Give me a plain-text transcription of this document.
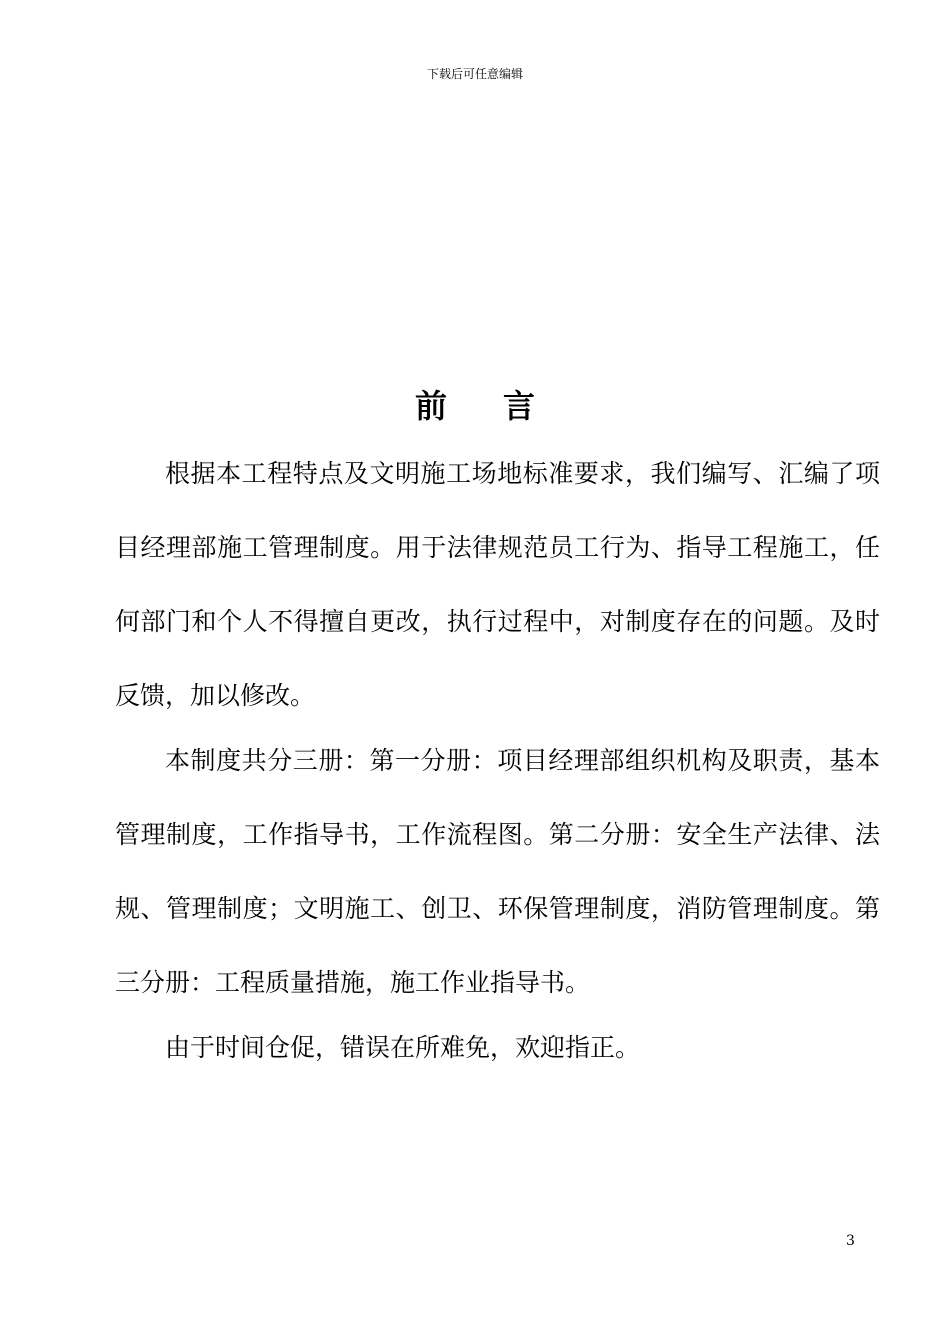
下载后可任意编辑
前 言

根据本工程特点及文明施工场地标准要求，我们编写、汇编了项目经理部施工管理制度。用于法律规范员工行为、指导工程施工，任何部门和个人不得擅自更改，执行过程中，对制度存在的问题。及时反馈，加以修改。

本制度共分三册：第一分册：项目经理部组织机构及职责，基本管理制度，工作指导书，工作流程图。第二分册：安全生产法律、法规、管理制度；文明施工、创卫、环保管理制度，消防管理制度。第三分册：工程质量措施，施工作业指导书。

由于时间仓促，错误在所难免，欢迎指正。

3
